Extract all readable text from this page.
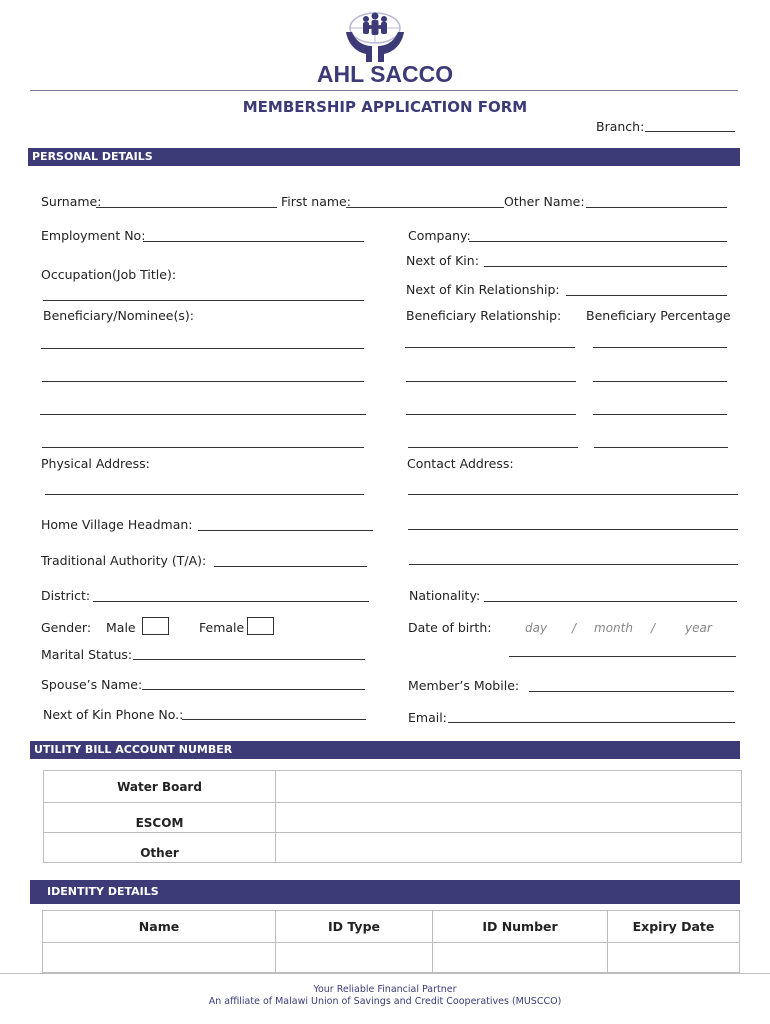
AHL SACCO
MEMBERSHIP APPLICATION FORM
Branch:
PERSONAL DETAILS
Surname:	First name:	Other Name:
Employment No:	Company:
Next of Kin:
Occupation(Job Title):
Next of Kin Relationship:
Beneficiary/Nominee(s):	Beneficiary Relationship: Beneficiary Percentage
Physical Address:	Contact Address:
Home Village Headman:
Traditional Authority (T/A):
District:	Nationality:
Gender: Male	Female	Date of birth:	day / month / year
Marital Status:
Spouse’s Name:	Member’s Mobile:
Next of Kin Phone No.:	Email:
UTILITY BILL ACCOUNT NUMBER
Water Board	
ESCOM	
Other	
IDENTITY DETAILS
Name	ID Type	ID Number	Expiry Date

Your Reliable Financial Partner
An affiliate of Malawi Union of Savings and Credit Cooperatives (MUSCCO)
